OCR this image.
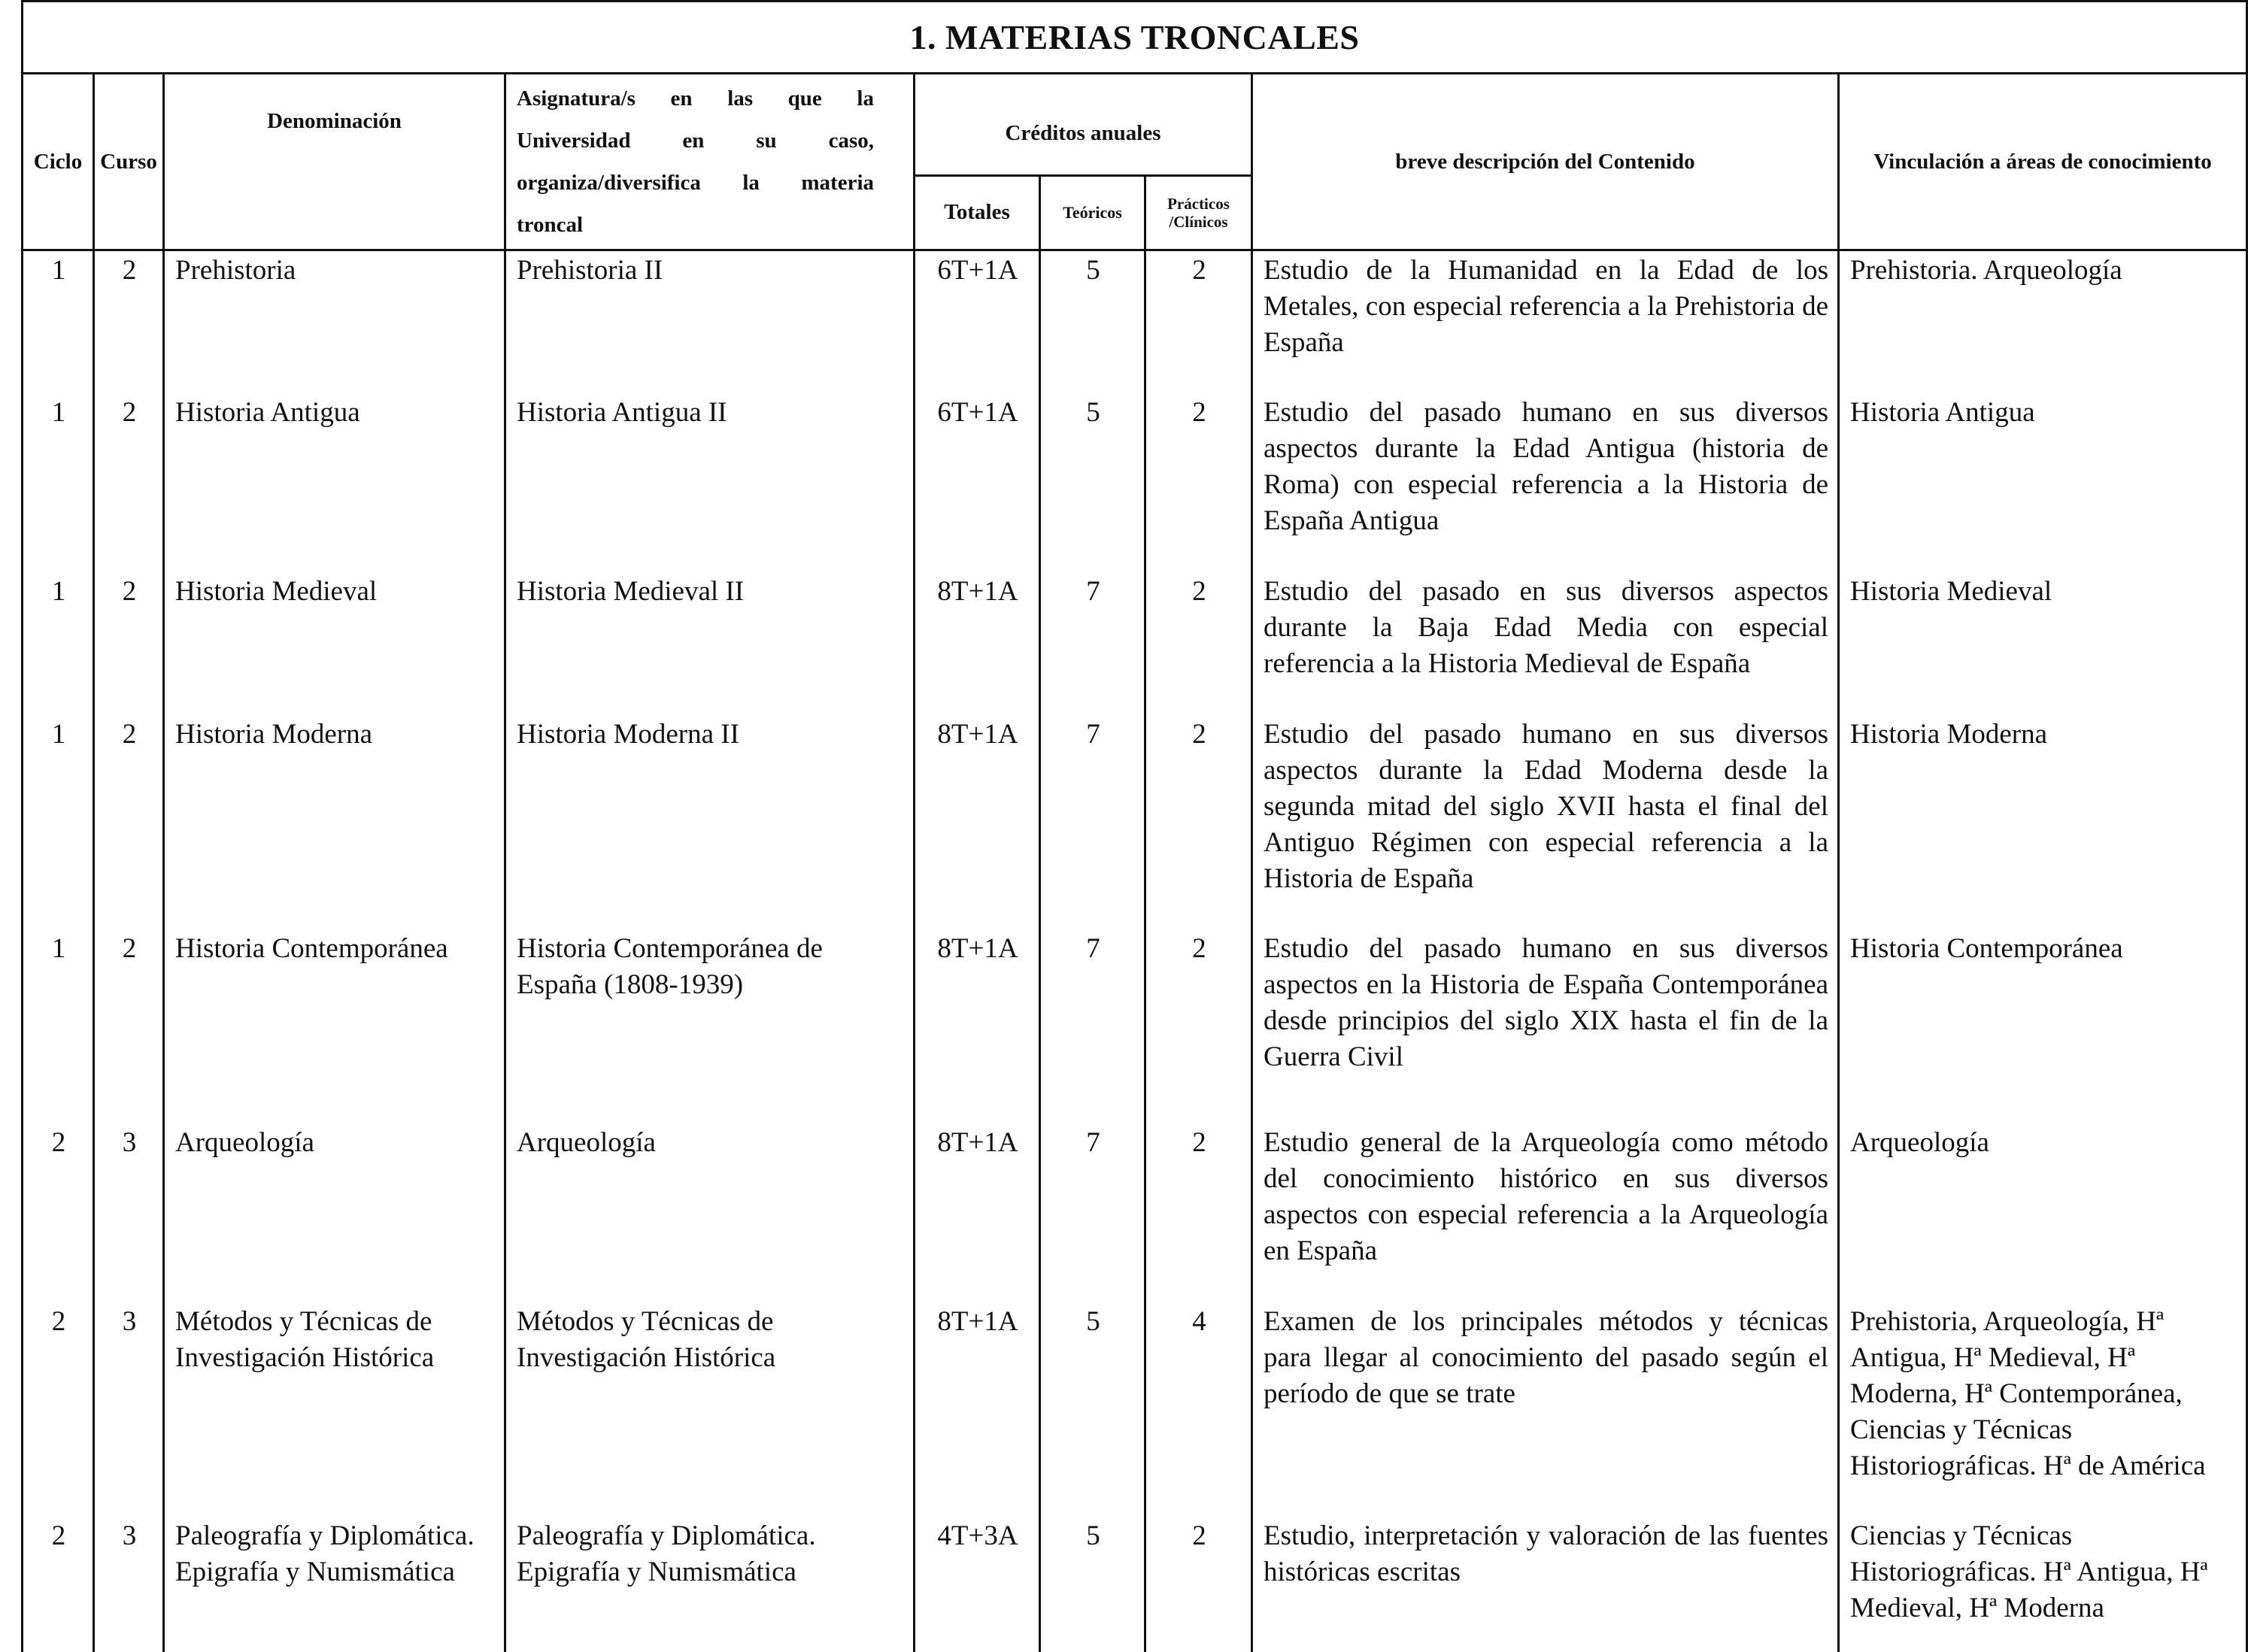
1. MATERIAS TRONCALES								
Ciclo	Curso	Denominación	Asignatura/s en las que la
Universidad en su caso,
organiza/diversifica la materia
troncal	Créditos anuales			breve descripción del Contenido	Vinculación a áreas de conocimiento
				Totales	Teóricos	Prácticos /Clínicos		

1	2	Prehistoria	Prehistoria II	6T+1A	5	2	Estudio de la Humanidad en la Edad de los Metales, con especial referencia a la Prehistoria de España	Prehistoria. Arqueología

1	2	Historia Antigua	Historia Antigua II	6T+1A	5	2	Estudio del pasado humano en sus diversos aspectos durante la Edad Antigua (historia de Roma) con especial referencia a la Historia de España Antigua	Historia Antigua

1	2	Historia Medieval	Historia Medieval II	8T+1A	7	2	Estudio del pasado en sus diversos aspectos durante la Baja Edad Media con especial referencia a la Historia Medieval de España	Historia Medieval

1	2	Historia Moderna	Historia Moderna II	8T+1A	7	2	Estudio del pasado humano en sus diversos aspectos durante la Edad Moderna desde la segunda mitad del siglo XVII hasta el final del Antiguo Régimen con especial referencia a la Historia de España	Historia Moderna

1	2	Historia Contemporánea	Historia Contemporánea de España (1808-1939)	8T+1A	7	2	Estudio del pasado humano en sus diversos aspectos en la Historia de España Contemporánea desde principios del siglo XIX hasta el fin de la Guerra Civil	Historia Contemporánea

2	3	Arqueología	Arqueología	8T+1A	7	2	Estudio general de la Arqueología como método del conocimiento histórico en sus diversos aspectos con especial referencia a la Arqueología en España	Arqueología

2	3	Métodos y Técnicas de Investigación Histórica	Métodos y Técnicas de Investigación Histórica	8T+1A	5	4	Examen de los principales métodos y técnicas para llegar al conocimiento del pasado según el período de que se trate	Prehistoria, Arqueología, Hª Antigua, Hª Medieval, Hª Moderna, Hª Contemporánea, Ciencias y Técnicas Historiográficas. Hª de América

2	3	Paleografía y Diplomática. Epigrafía y Numismática	Paleografía y Diplomática. Epigrafía y Numismática	4T+3A	5	2	Estudio, interpretación y valoración de las fuentes históricas escritas	Ciencias y Técnicas Historiográficas. Hª Antigua, Hª Medieval, Hª Moderna
